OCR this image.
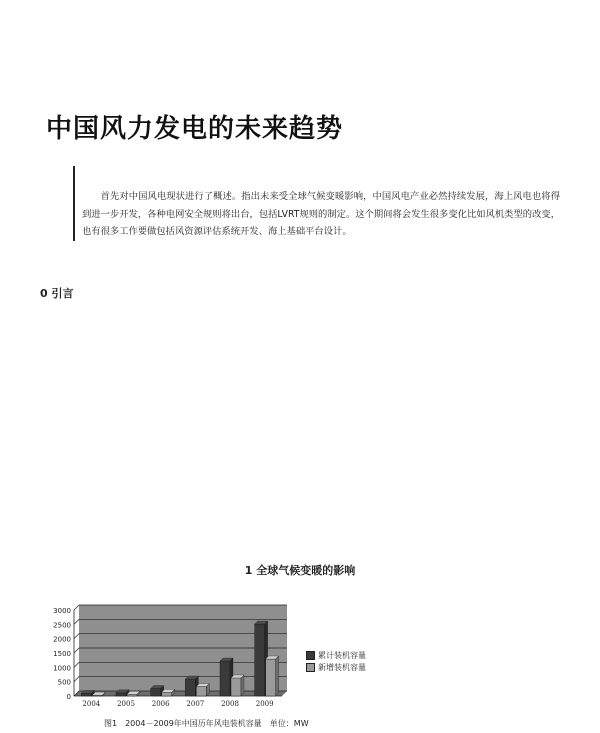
中国风力发电的未来趋势

首先对中国风电现状进行了概述。指出未来受全球气候变暖影响，中国风电产业必然持续发展，海上风电也将得到进一步开发，各种电网安全规则将出台，包括LVRT规则的制定。这个期间将会发生很多变化比如风机类型的改变，也有很多工作要做包括风资源评估系统开发、海上基础平台设计。

0 引言
1 全球气候变暖的影响
0
500
1000
1500
2000
2500
3000
2004 2005 2006 2007 2008 2009
累计装机容量
新增装机容量
图1　2004－2009年中国历年风电装机容量　单位：MW
